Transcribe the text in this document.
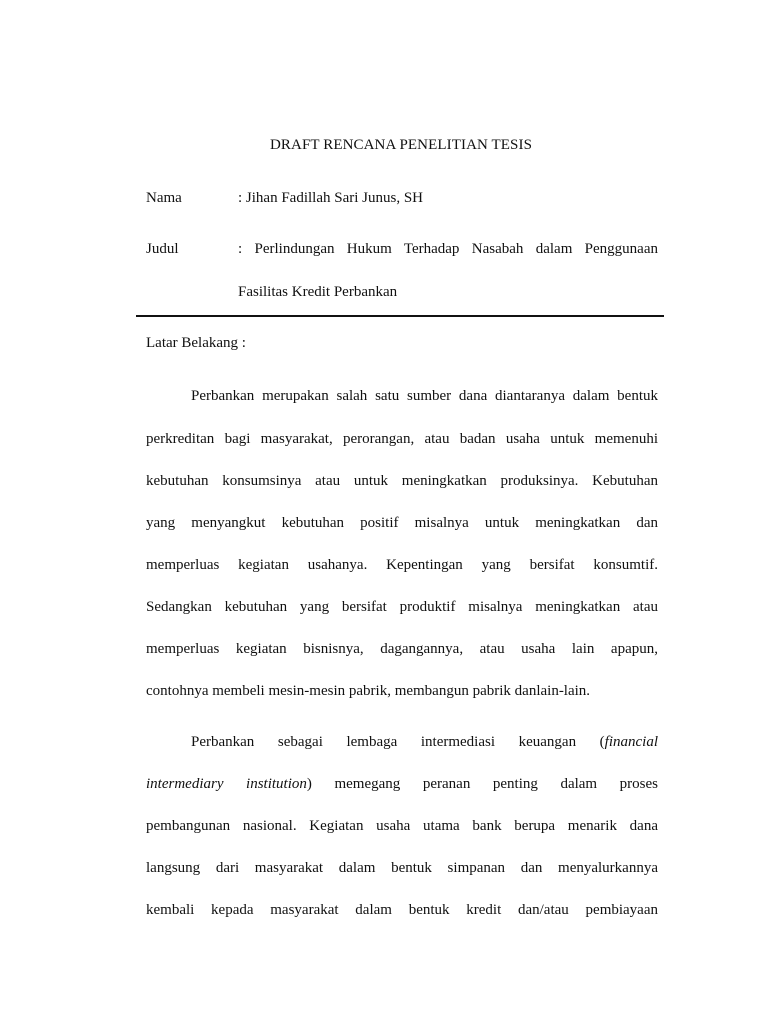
DRAFT RENCANA PENELITIAN TESIS
Nama	: Jihan Fadillah Sari Junus, SH
Judul	: Perlindungan Hukum Terhadap Nasabah dalam Penggunaan
Fasilitas Kredit Perbankan
Latar Belakang :
Perbankan merupakan salah satu sumber dana diantaranya dalam bentuk
perkreditan bagi masyarakat, perorangan, atau badan usaha untuk memenuhi
kebutuhan konsumsinya atau untuk meningkatkan produksinya. Kebutuhan
yang menyangkut kebutuhan positif misalnya untuk meningkatkan dan
memperluas kegiatan usahanya. Kepentingan yang bersifat konsumtif.
Sedangkan kebutuhan yang bersifat produktif misalnya meningkatkan atau
memperluas kegiatan bisnisnya, dagangannya, atau usaha lain apapun,
contohnya membeli mesin-mesin pabrik, membangun pabrik danlain-lain.
Perbankan sebagai lembaga intermediasi keuangan (financial
intermediary institution) memegang peranan penting dalam proses
pembangunan nasional. Kegiatan usaha utama bank berupa menarik dana
langsung dari masyarakat dalam bentuk simpanan dan menyalurkannya
kembali kepada masyarakat dalam bentuk kredit dan/atau pembiayaan
